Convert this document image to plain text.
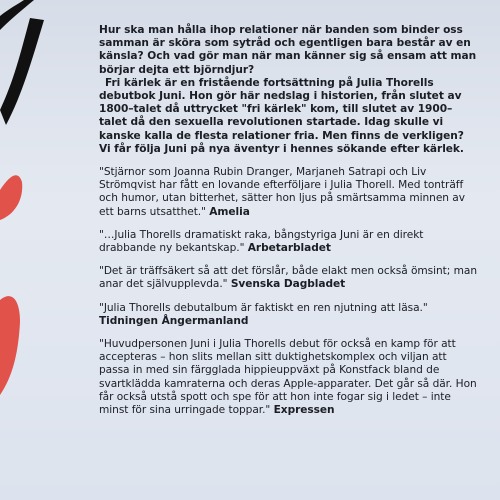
Hur ska man hålla ihop relationer när banden som binder oss samman är sköra som sytråd och egentligen bara består av en känsla? Och vad gör man när man känner sig så ensam att man börjar dejta ett björndjur?

Fri kärlek är en fristående fortsättning på Julia Thorells debutbok Juni. Hon gör här nedslag i historien, från slutet av 1800–talet då uttrycket "fri kärlek" kom, till slutet av 1900–talet då den sexuella revolutionen startade. Idag skulle vi kanske kalla de flesta relationer fria. Men finns de verkligen? Vi får följa Juni på nya äventyr i hennes sökande efter kärlek.

"Stjärnor som Joanna Rubin Dranger, Marjaneh Satrapi och Liv Strömqvist har fått en lovande efterföljare i Julia Thorell. Med tonträff och humor, utan bitterhet, sätter hon ljus på smärtsamma minnen av ett barns utsatthet." Amelia

"…Julia Thorells dramatiskt raka, bångstyriga Juni är en direkt drabbande ny bekantskap." Arbetarbladet

"Det är träffsäkert så att det förslår, både elakt men också ömsint; man anar det självupplevda." Svenska Dagbladet

"Julia Thorells debutalbum är faktiskt en ren njutning att läsa." Tidningen Ångermanland

"Huvudpersonen Juni i Julia Thorells debut för också en kamp för att accepteras – hon slits mellan sitt duktighetskomplex och viljan att passa in med sin färgglada hippieuppväxt på Konstfack bland de svartklädda kamraterna och deras Apple-apparater. Det går så där. Hon får också utstå spott och spe för att hon inte fogar sig i ledet – inte minst för sina urringade toppar." Expressen
